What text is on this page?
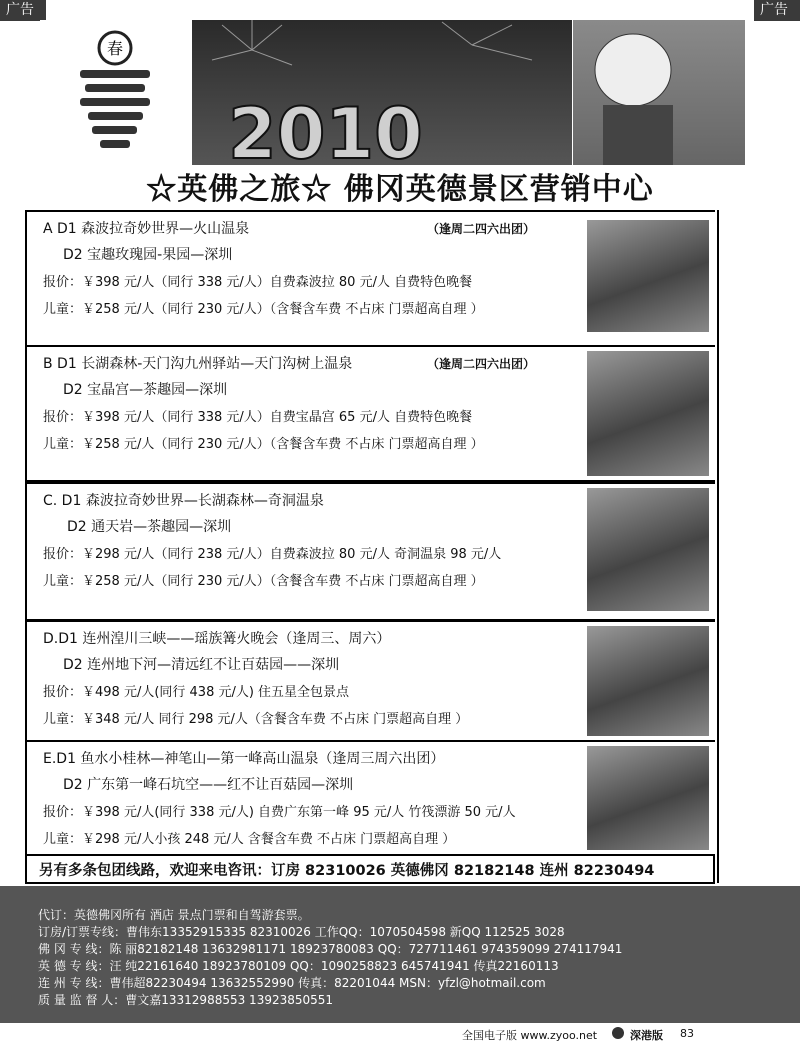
广告	广告
春
2010
☆英佛之旅☆ 佛冈英德景区营销中心
A D1 森波拉奇妙世界—火山温泉	（逢周二四六出团）
D2 宝趣玫瑰园-果园—深圳
报价：￥398 元/人（同行 338 元/人）自费森波拉 80 元/人 自费特色晚餐
儿童：￥258 元/人（同行 230 元/人）（含餐含车费 不占床 门票超高自理 ）
B D1 长湖森林-天门沟九州驿站—天门沟树上温泉	（逢周二四六出团）
D2 宝晶宫—茶趣园—深圳
报价：￥398 元/人（同行 338 元/人）自费宝晶宫 65 元/人 自费特色晚餐
儿童：￥258 元/人（同行 230 元/人）（含餐含车费 不占床 门票超高自理 ）
C. D1 森波拉奇妙世界—长湖森林—奇洞温泉
D2 通天岩—茶趣园—深圳
报价：￥298 元/人（同行 238 元/人）自费森波拉 80 元/人 奇洞温泉 98 元/人
儿童：￥258 元/人（同行 230 元/人）（含餐含车费 不占床 门票超高自理 ）
D.D1 连州湟川三峡——瑶族篝火晚会（逢周三、周六）
D2 连州地下河—清远红不让百菇园——深圳
报价：￥498 元/人(同行 438 元/人) 住五星全包景点
儿童：￥348 元/人 同行 298 元/人（含餐含车费 不占床 门票超高自理 ）
E.D1 鱼水小桂林—神笔山—第一峰高山温泉（逢周三周六出团）
D2 广东第一峰石坑空——红不让百菇园—深圳
报价：￥398 元/人(同行 338 元/人) 自费广东第一峰 95 元/人 竹筏漂游 50 元/人
儿童：￥298 元/人小孩 248 元/人 含餐含车费 不占床 门票超高自理 ）
另有多条包团线路，欢迎来电咨讯：订房 82310026 英德佛冈 82182148 连州 82230494
代订：英德佛冈所有 酒店 景点门票和自驾游套票。
订房/订票专线：曹伟东13352915335 82310026 工作QQ：1070504598 新QQ 112525 3028
佛 冈 专 线：陈 丽82182148 13632981171 18923780083 QQ：727711461 974359099 274117941
英 德 专 线：汪 纯22161640 18923780109 QQ：1090258823 645741941 传真22160113
连 州 专 线：曹伟超82230494 13632552990 传真：82201044 MSN：yfzl@hotmail.com
质 量 监 督 人：曹文嘉13312988553 13923850551
全国电子版 www.zyoo.net	深港版 83
